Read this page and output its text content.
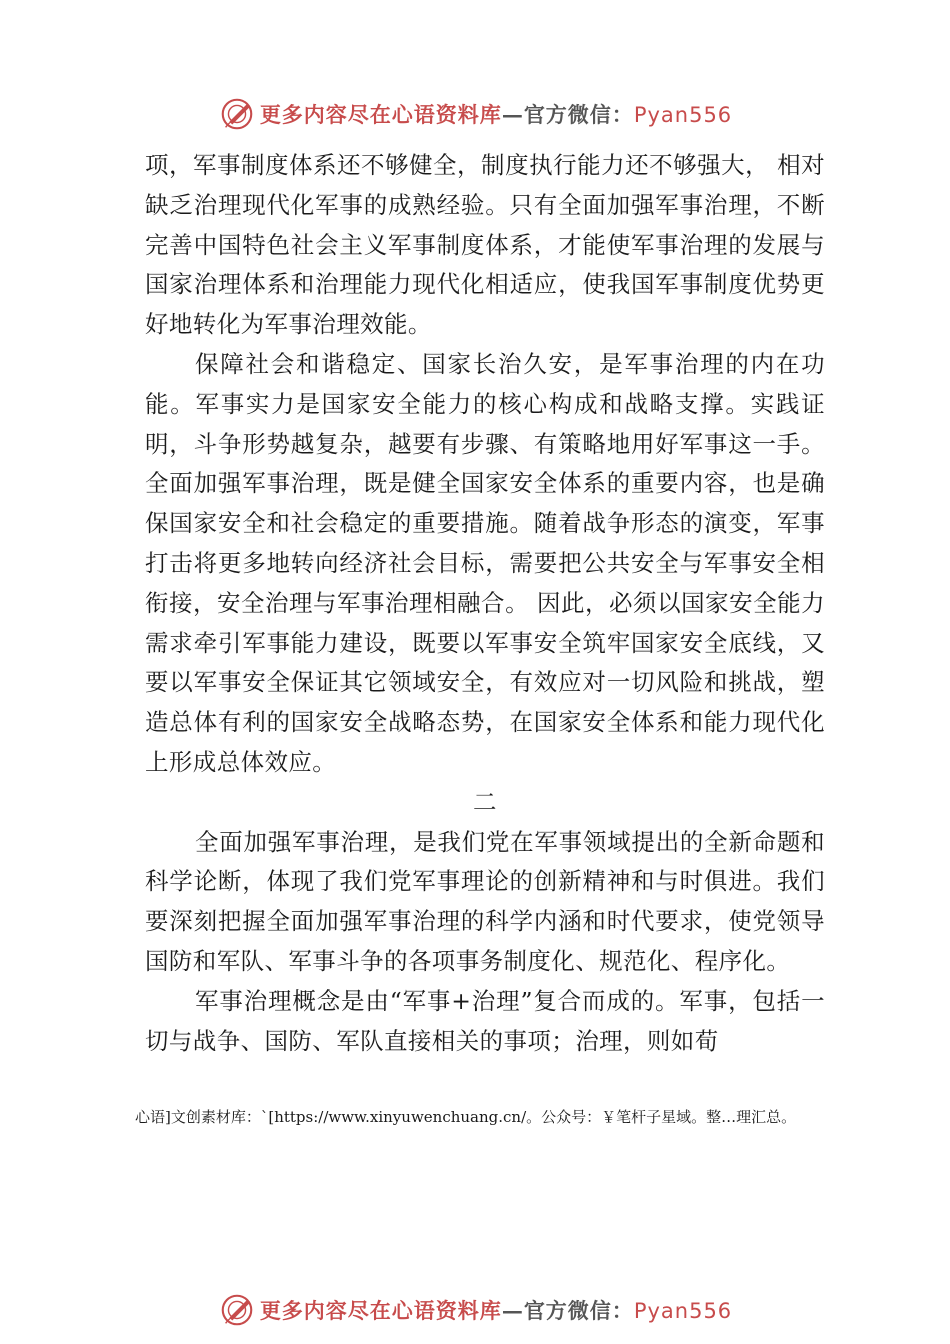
更多内容尽在心语资料库—官方微信：Pyan556

项，军事制度体系还不够健全，制度执行能力还不够强大， 相对缺乏治理现代化军事的成熟经验。只有全面加强军事治理，不断完善中国特色社会主义军事制度体系，才能使军事治理的发展与国家治理体系和治理能力现代化相适应，使我国军事制度优势更好地转化为军事治理效能。

保障社会和谐稳定、国家长治久安，是军事治理的内在功能。军事实力是国家安全能力的核心构成和战略支撑。实践证明，斗争形势越复杂，越要有步骤、有策略地用好军事这一手。全面加强军事治理，既是健全国家安全体系的重要内容，也是确保国家安全和社会稳定的重要措施。随着战争形态的演变，军事打击将更多地转向经济社会目标，需要把公共安全与军事安全相衔接，安全治理与军事治理相融合。 因此，必须以国家安全能力需求牵引军事能力建设，既要以军事安全筑牢国家安全底线，又要以军事安全保证其它领域安全，有效应对一切风险和挑战，塑造总体有利的国家安全战略态势，在国家安全体系和能力现代化上形成总体效应。

二

全面加强军事治理，是我们党在军事领域提出的全新命题和科学论断，体现了我们党军事理论的创新精神和与时俱进。我们要深刻把握全面加强军事治理的科学内涵和时代要求，使党领导国防和军队、军事斗争的各项事务制度化、规范化、程序化。

军事治理概念是由“军事+治理”复合而成的。军事，包括一切与战争、国防、军队直接相关的事项；治理，则如荀

心语]文创素材库：`[https://www.xinyuwenchuang.cn/。公众号：￥笔杆子星域。整…理汇总。
更多内容尽在心语资料库—官方微信：Pyan556
